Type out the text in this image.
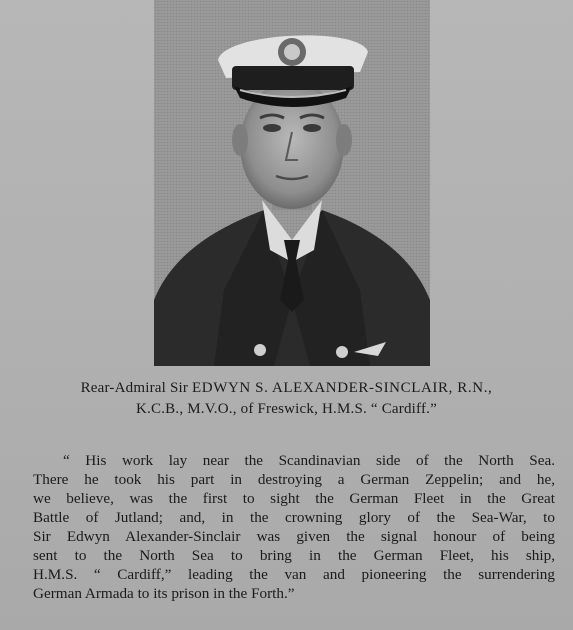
Rear-Admiral Sir EDWYN S. ALEXANDER-SINCLAIR, R.N.,
K.C.B., M.V.O., of Freswick, H.M.S. “ Cardiff.”
“ His work lay near the Scandinavian side of the North Sea.
There he took his part in destroying a German Zeppelin; and he,
we believe, was the first to sight the German Fleet in the Great
Battle of Jutland; and, in the crowning glory of the Sea-War, to
Sir Edwyn Alexander-Sinclair was given the signal honour of being
sent to the North Sea to bring in the German Fleet, his ship,
H.M.S. “ Cardiff,” leading the van and pioneering the surrendering
German Armada to its prison in the Forth.”
